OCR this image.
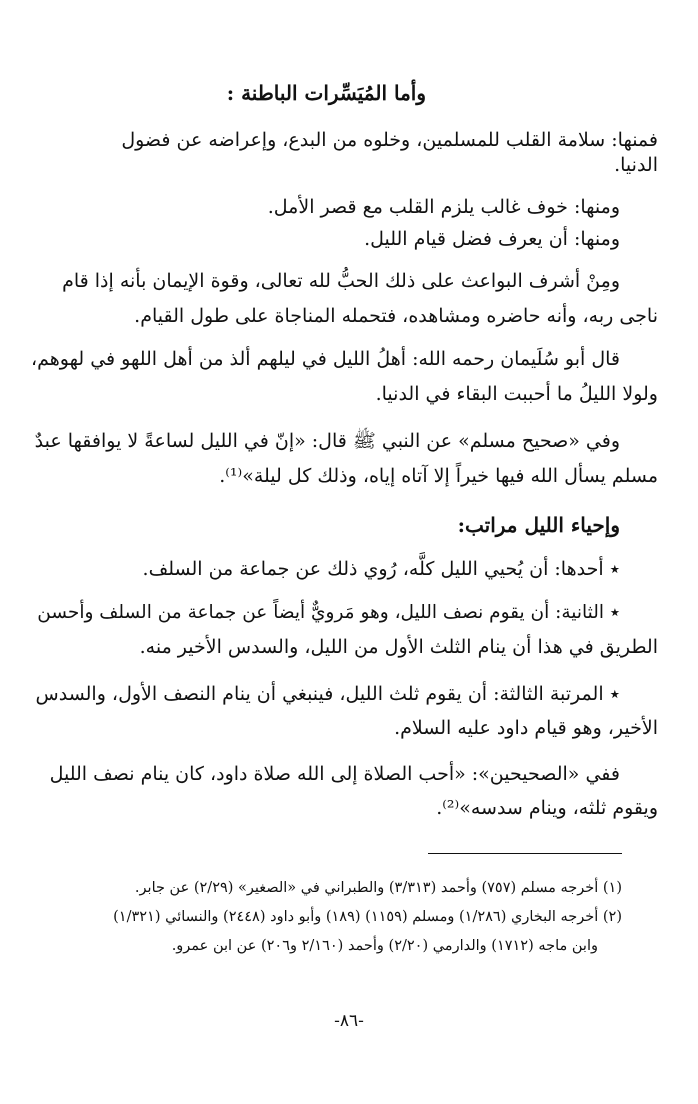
وأما المُيَسِّرات الباطنة :
فمنها: سلامة القلب للمسلمين، وخلوه من البدع، وإعراضه عن فضول
الدنيا.
ومنها: خوف غالب يلزم القلب مع قصر الأمل.
ومنها: أن يعرف فضل قيام الليل.
ومِنْ أشرف البواعث على ذلك الحبُّ لله تعالى، وقوة الإيمان بأنه إذا قام
ناجى ربه، وأنه حاضره ومشاهده، فتحمله المناجاة على طول القيام.
قال أبو سُلَيمان رحمه الله: أهلُ الليل في ليلهم ألذ من أهل اللهو في لهوهم،
ولولا الليلُ ما أحببت البقاء في الدنيا.
وفي «صحيح مسلم» عن النبي ﷺ قال: «إنّ في الليل لساعةً لا يوافقها عبدٌ
مسلم يسأل الله فيها خيراً إلا آتاه إياه، وذلك كل ليلة»⁽¹⁾.
وإحياء الليل مراتب:
٭ أحدها: أن يُحيي الليل كلَّه، رُوي ذلك عن جماعة من السلف.
٭ الثانية: أن يقوم نصف الليل، وهو مَرويٌّ أيضاً عن جماعة من السلف وأحسن
الطريق في هذا أن ينام الثلث الأول من الليل، والسدس الأخير منه.
٭ المرتبة الثالثة: أن يقوم ثلث الليل، فينبغي أن ينام النصف الأول، والسدس
الأخير، وهو قيام داود عليه السلام.
ففي «الصحيحين»: «أحب الصلاة إلى الله صلاة داود، كان ينام نصف الليل
ويقوم ثلثه، وينام سدسه»⁽²⁾.
(١) أخرجه مسلم (٧٥٧) وأحمد (٣/٣١٣) والطبراني في «الصغير» (٢/٢٩) عن جابر.
(٢) أخرجه البخاري (١/٢٨٦) ومسلم (١١٥٩) (١٨٩) وأبو داود (٢٤٤٨) والنسائي (١/٣٢١)
وابن ماجه (١٧١٢) والدارمي (٢/٢٠) وأحمد (٢/١٦٠ و٢٠٦) عن ابن عمرو.
-٨٦-
